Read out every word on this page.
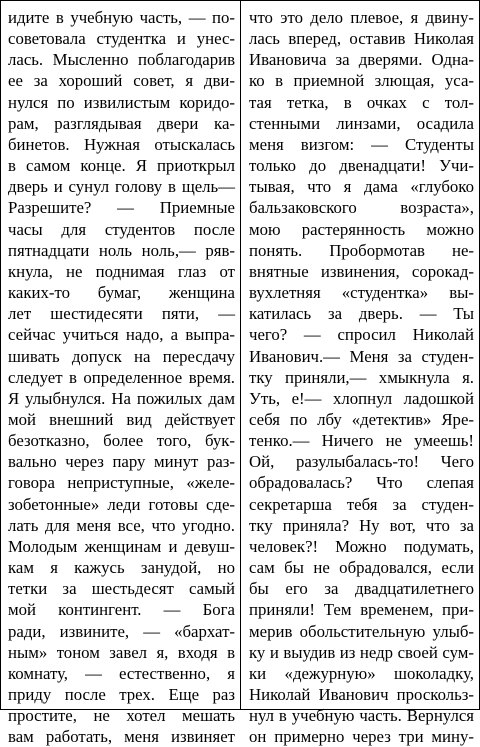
идите в учебную часть, — по-
советовала студентка и унес-
лась. Мысленно поблагодарив
ее за хороший совет, я дви-
нулся по извилистым коридо-
рам, разглядывая двери ка-
бинетов. Нужная отыскалась
в самом конце. Я приоткрыл
дверь и сунул голову в щель—
Разрешите? — Приемные
часы для студентов после
пятнадцати ноль ноль,— ряв-
кнула, не поднимая глаз от
каких-то бумаг, женщина
лет шестидесяти пяти, —
сейчас учиться надо, а выпра-
шивать допуск на пересдачу
следует в определенное время.
Я улыбнулся. На пожилых дам
мой внешний вид действует
безотказно, более того, бук-
вально через пару минут раз-
говора неприступные, «желе-
зобетонные» леди готовы сде-
лать для меня все, что угодно.
Молодым женщинам и девуш-
кам я кажусь занудой, но
тетки за шестьдесят самый
мой контингент. — Бога
ради, извините, — «бархат-
ным» тоном завел я, входя в
комнату, — естественно, я
приду после трех. Еще раз
простите, не хотел мешать
вам работать, меня извиняет
что это дело плевое, я двину-
лась вперед, оставив Николая
Ивановича за дверями. Одна-
ко в приемной злющая, уса-
тая тетка, в очках с тол-
стенными линзами, осадила
меня визгом: — Студенты
только до двенадцати! Учи-
тывая, что я дама «глубоко
бальзаковского возраста»,
мою растерянность можно
понять. Пробормотав не-
внятные извинения, сорокад-
вухлетняя «студентка» вы-
катилась за дверь. — Ты
чего? — спросил Николай
Иванович.— Меня за студен-
тку приняли,— хмыкнула я.
Уть, е!— хлопнул ладошкой
себя по лбу «детектив» Яре-
тенко.— Ничего не умеешь!
Ой, разулыбалась-то! Чего
обрадовалась? Что слепая
секретарша тебя за студен-
тку приняла? Ну вот, что за
человек?! Можно подумать,
сам бы не обрадовался, если
бы его за двадцатилетнего
приняли! Тем временем, при-
мерив обольстительную улыб-
ку и выудив из недр своей сум-
ки «дежурную» шоколадку,
Николай Иванович проскольз-
нул в учебную часть. Вернулся
он примерно через три мину-
